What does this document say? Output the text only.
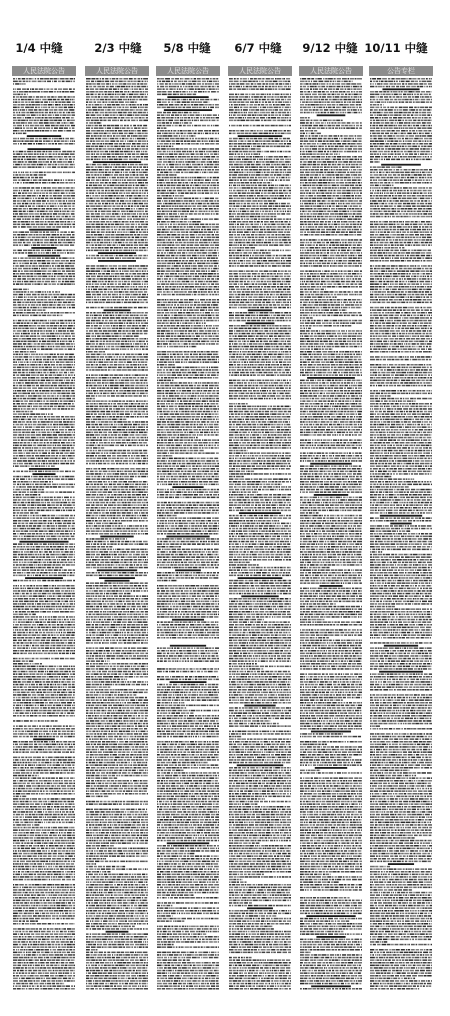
1/4 中缝	2/3 中缝	5/8 中缝	6/7 中缝	9/12 中缝 10/11 中缝
人民法院公告	人民法院公告	人民法院公告	人民法院公告	人民法院公告	公告专栏
